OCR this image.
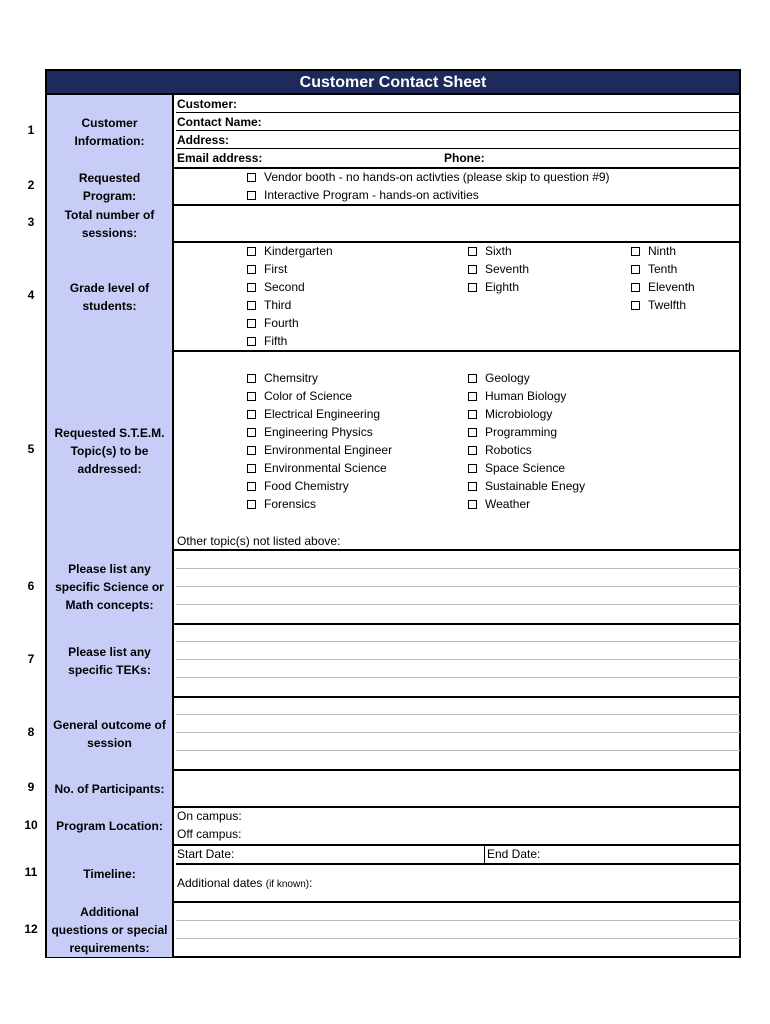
Customer Contact Sheet
1
Customer Information:
Customer:
Contact Name:
Address:
Email address:	Phone:
2
Requested Program:
Vendor booth - no hands-on activties (please skip to question #9)
Interactive Program - hands-on activities
3
Total number of sessions:
4
Grade level of students:
Kindergarten
First
Second
Third
Fourth
Fifth
Sixth
Seventh
Eighth
Ninth
Tenth
Eleventh
Twelfth
5
Requested S.T.E.M. Topic(s) to be addressed:
Chemsitry
Color of Science
Electrical Engineering
Engineering Physics
Environmental Engineer
Environmental Science
Food Chemistry
Forensics
Geology
Human Biology
Microbiology
Programming
Robotics
Space Science
Sustainable Enegy
Weather
Other topic(s) not listed above:
6
Please list any specific Science or Math concepts:
7
Please list any specific TEKs:
8
General outcome of session
9	No. of Participants:
10	Program Location:
On campus:
Off campus:
11	Timeline:
Start Date:	End Date:
Additional dates (if known):
12
Additional questions or special requirements:
